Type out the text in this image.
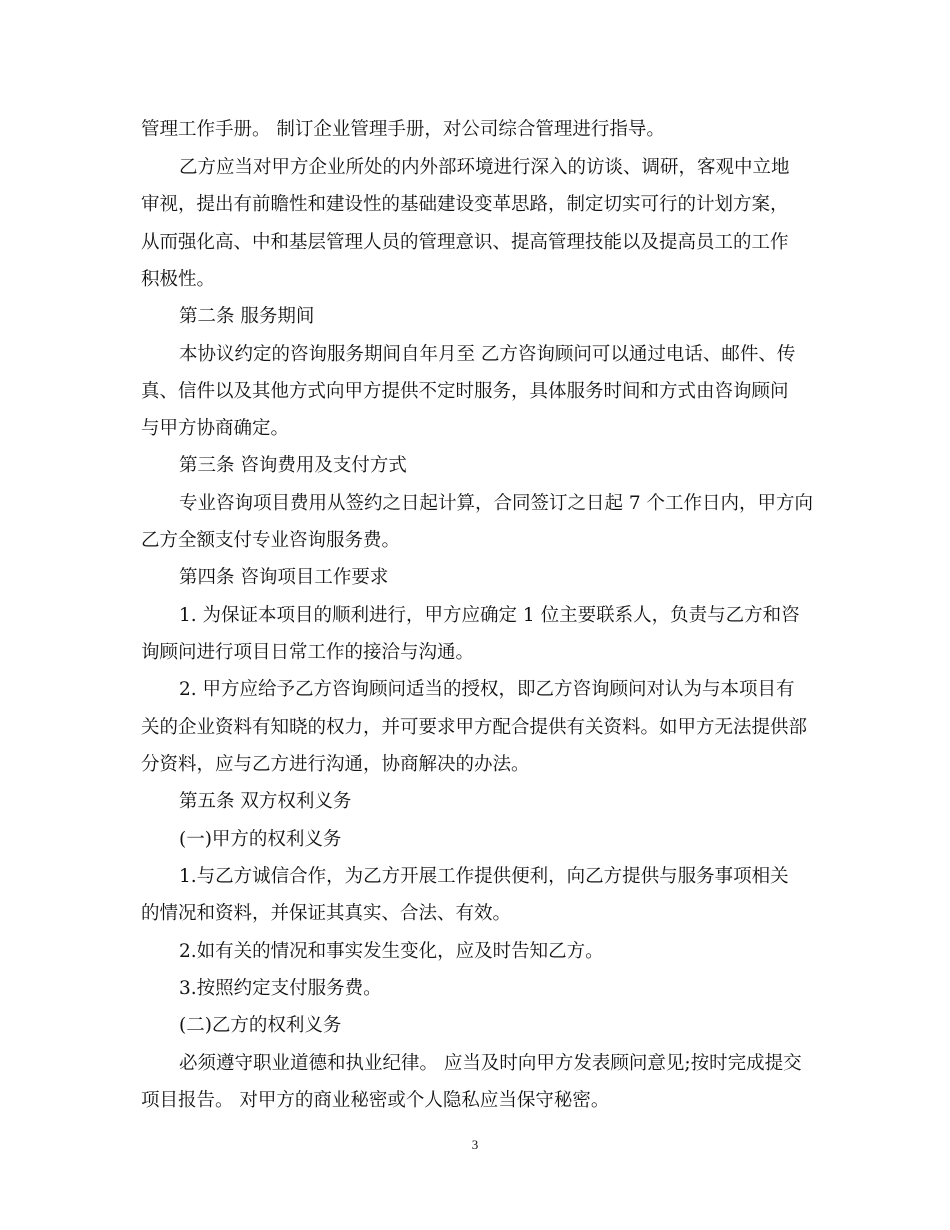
管理工作手册。 制订企业管理手册，对公司综合管理进行指导。
乙方应当对甲方企业所处的内外部环境进行深入的访谈、调研，客观中立地
审视，提出有前瞻性和建设性的基础建设变革思路，制定切实可行的计划方案，
从而强化高、中和基层管理人员的管理意识、提高管理技能以及提高员工的工作
积极性。
第二条 服务期间
本协议约定的咨询服务期间自年月至 乙方咨询顾问可以通过电话、邮件、传
真、信件以及其他方式向甲方提供不定时服务，具体服务时间和方式由咨询顾问
与甲方协商确定。
第三条 咨询费用及支付方式
专业咨询项目费用从签约之日起计算，合同签订之日起 7 个工作日内，甲方向
乙方全额支付专业咨询服务费。
第四条 咨询项目工作要求
1. 为保证本项目的顺利进行，甲方应确定 1 位主要联系人，负责与乙方和咨
询顾问进行项目日常工作的接洽与沟通。
2. 甲方应给予乙方咨询顾问适当的授权，即乙方咨询顾问对认为与本项目有
关的企业资料有知晓的权力，并可要求甲方配合提供有关资料。如甲方无法提供部
分资料，应与乙方进行沟通，协商解决的办法。
第五条 双方权利义务
(一)甲方的权利义务
1.与乙方诚信合作，为乙方开展工作提供便利，向乙方提供与服务事项相关
的情况和资料，并保证其真实、合法、有效。
2.如有关的情况和事实发生变化，应及时告知乙方。
3.按照约定支付服务费。
(二)乙方的权利义务
必须遵守职业道德和执业纪律。 应当及时向甲方发表顾问意见;按时完成提交
项目报告。 对甲方的商业秘密或个人隐私应当保守秘密。
3
